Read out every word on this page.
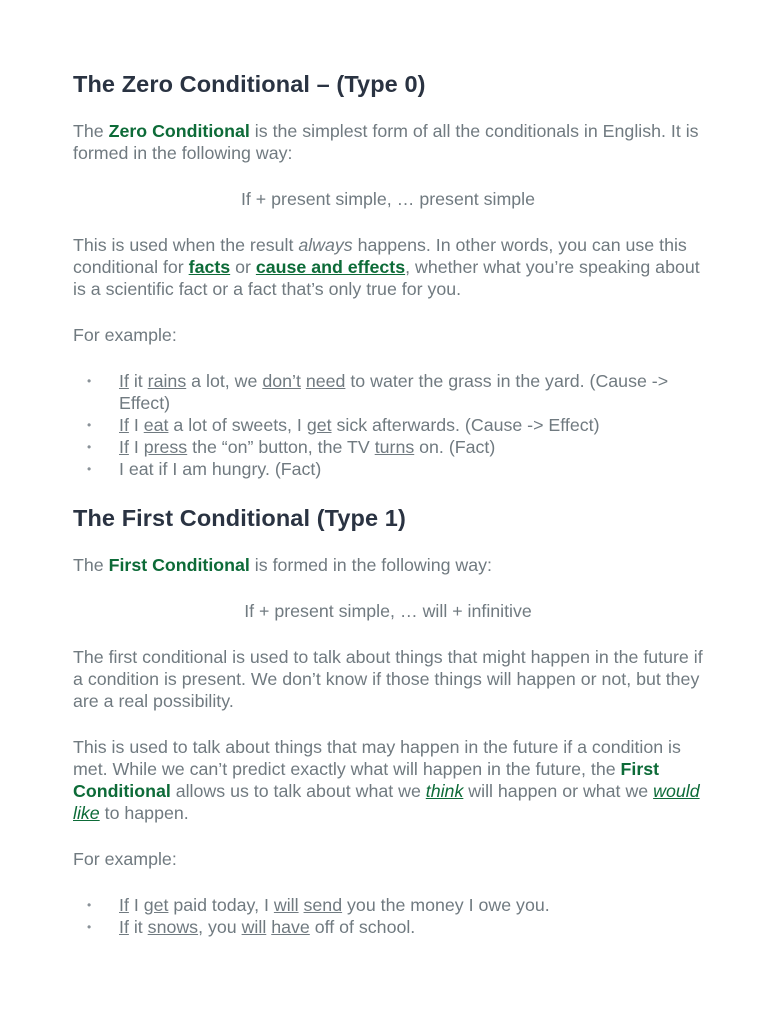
The Zero Conditional – (Type 0)

The Zero Conditional is the simplest form of all the conditionals in English. It is formed in the following way:

If + present simple, … present simple

This is used when the result always happens. In other words, you can use this conditional for facts or cause and effects, whether what you’re speaking about is a scientific fact or a fact that’s only true for you.

For example:

• If it rains a lot, we don’t need to water the grass in the yard. (Cause -> Effect)
• If I eat a lot of sweets, I get sick afterwards. (Cause -> Effect)
• If I press the “on” button, the TV turns on. (Fact)
• I eat if I am hungry. (Fact)
The First Conditional (Type 1)

The First Conditional is formed in the following way:

If + present simple, … will + infinitive

The first conditional is used to talk about things that might happen in the future if a condition is present. We don’t know if those things will happen or not, but they are a real possibility.

This is used to talk about things that may happen in the future if a condition is met. While we can’t predict exactly what will happen in the future, the First Conditional allows us to talk about what we think will happen or what we would like to happen.

For example:

• If I get paid today, I will send you the money I owe you.
• If it snows, you will have off of school.
